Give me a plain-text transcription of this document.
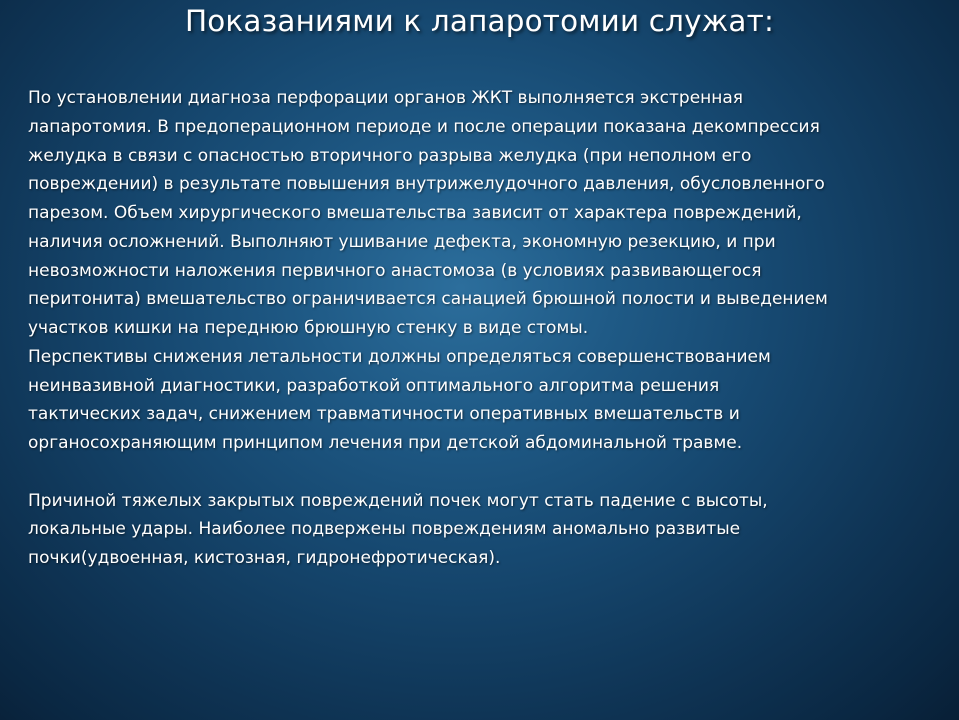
Показаниями к лапаротомии служат:
По установлении диагноза перфорации органов ЖКТ выполняется экстренная
лапаротомия. В предоперационном периоде и после операции показана декомпрессия
желудка в связи с опасностью вторичного разрыва желудка (при неполном его
повреждении) в результате повышения внутрижелудочного давления, обусловленного
парезом. Объем хирургического вмешательства зависит от характера повреждений,
наличия осложнений. Выполняют ушивание дефекта, экономную резекцию, и при
невозможности наложения первичного анастомоза (в условиях развивающегося
перитонита) вмешательство ограничивается санацией брюшной полости и выведением
участков кишки на переднюю брюшную стенку в виде стомы.
Перспективы снижения летальности должны определяться совершенствованием
неинвазивной диагностики, разработкой оптимального алгоритма решения
тактических задач, снижением травматичности оперативных вмешательств и
органосохраняющим принципом лечения при детской абдоминальной травме.
Причиной тяжелых закрытых повреждений почек могут стать падение с высоты,
локальные удары. Наиболее подвержены повреждениям аномально развитые
почки(удвоенная, кистозная, гидронефротическая).
